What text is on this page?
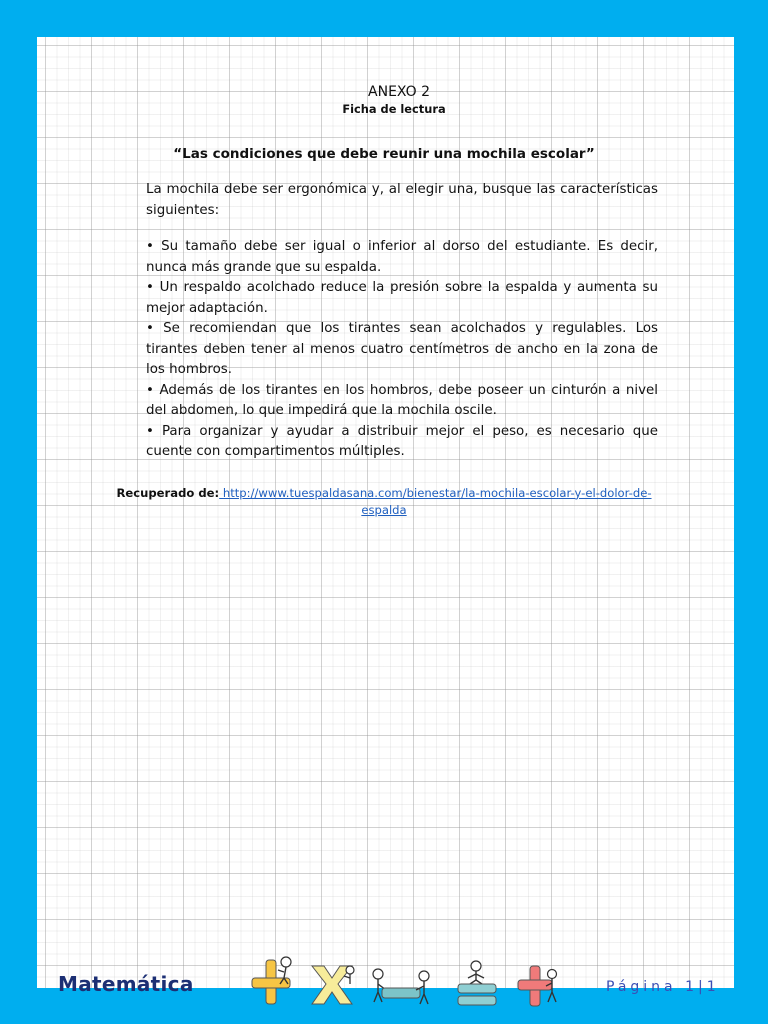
ANEXO 2
Ficha de lectura
“Las condiciones que debe reunir una mochila escolar”

La mochila debe ser ergonómica y, al elegir una, busque las características siguientes:

• Su tamaño debe ser igual o inferior al dorso del estudiante. Es decir, nunca más grande que su espalda.

• Un respaldo acolchado reduce la presión sobre la espalda y aumenta su mejor adaptación.

• Se recomiendan que los tirantes sean acolchados y regulables. Los tirantes deben tener al menos cuatro centímetros de ancho en la zona de los hombros.

• Además de los tirantes en los hombros, debe poseer un cinturón a nivel del abdomen, lo que impedirá que la mochila oscile.

• Para organizar y ayudar a distribuir mejor el peso, es necesario que cuente con compartimentos múltiples.

Recuperado de: http://www.tuespaldasana.com/bienestar/la-mochila-escolar-y-el-dolor-de-espalda
Matemática	Página 1|1
